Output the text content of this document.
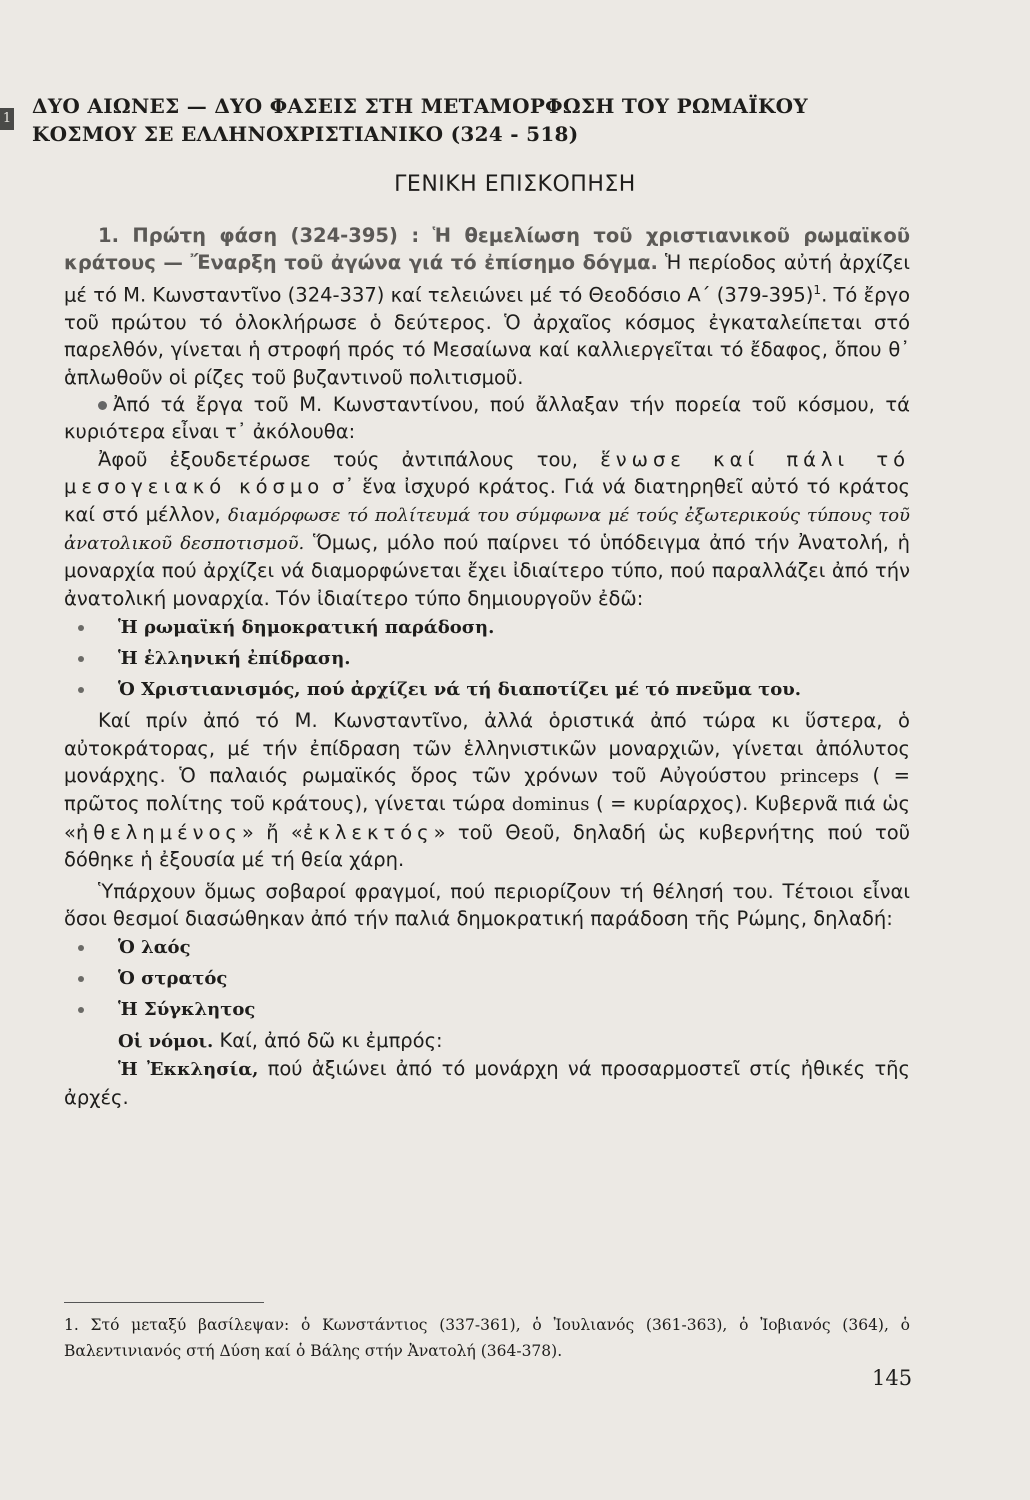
1
ΔΥΟ ΑΙΩΝΕΣ — ΔΥΟ ΦΑΣΕΙΣ ΣΤΗ ΜΕΤΑΜΟΡΦΩΣΗ ΤΟΥ ΡΩΜΑΪΚΟΥ ΚΟΣΜΟΥ ΣΕ ΕΛΛΗΝΟΧΡΙΣΤΙΑΝΙΚΟ (324 - 518)
ΓΕΝΙΚΗ ΕΠΙΣΚΟΠΗΣΗ

1. Πρώτη φάση (324-395) : Ἡ θεμελίωση τοῦ χριστιανικοῦ ρωμαϊκοῦ κράτους — Ἔναρξη τοῦ ἀγώνα γιά τό ἐπίσημο δόγμα. Ἡ περίοδος αὐτή ἀρχίζει μέ τό Μ. Κωνσταντῖνο (324-337) καί τελειώνει μέ τό Θεοδόσιο Α΄ $(379-395)^1$. Τό ἔργο τοῦ πρώτου τό ὁλοκλήρωσε ὁ δεύτερος. Ὁ ἀρχαῖος κόσμος ἐγκαταλείπεται στό παρελθόν, γίνεται ἡ στροφή πρός τό Μεσαίωνα καί καλλιεργεῖται τό ἔδαφος, ὅπου θ᾿ ἁπλωθοῦν οἱ ρίζες τοῦ βυζαντινοῦ πολιτισμοῦ.

Ἀπό τά ἔργα τοῦ Μ. Κωνσταντίνου, πού ἄλλαξαν τήν πορεία τοῦ κόσμου, τά κυριότερα εἶναι τ᾿ ἀκόλουθα:

Ἀφοῦ ἐξουδετέρωσε τούς ἀντιπάλους του, ἕνωσε καί πάλι τό μεσογειακό κόσμο σ᾿ ἕνα ἰσχυρό κράτος. Γιά νά διατηρηθεῖ αὐτό τό κράτος καί στό μέλλον, διαμόρφωσε τό πολίτευμά του σύμφωνα μέ τούς ἐξωτερικούς τύπους τοῦ ἀνατολικοῦ δεσποτισμοῦ. Ὅμως, μόλο πού παίρνει τό ὑπόδειγμα ἀπό τήν Ἀνατολή, ἡ μοναρχία πού ἀρχίζει νά διαμορφώνεται ἔχει ἰδιαίτερο τύπο, πού παραλλάζει ἀπό τήν ἀνατολική μοναρχία. Τόν ἰδιαίτερο τύπο δημιουργοῦν ἐδῶ:

Ἡ ρωμαϊκή δημοκρατική παράδοση.
Ἡ ἑλληνική ἐπίδραση.
Ὁ Χριστιανισμός, πού ἀρχίζει νά τή διαποτίζει μέ τό πνεῦμα του.

Καί πρίν ἀπό τό Μ. Κωνσταντῖνο, ἀλλά ὁριστικά ἀπό τώρα κι ὕστερα, ὁ αὐτοκράτορας, μέ τήν ἐπίδραση τῶν ἑλληνιστικῶν μοναρχιῶν, γίνεται ἀπόλυτος μονάρχης. Ὁ παλαιός ρωμαϊκός ὅρος τῶν χρόνων τοῦ Αὐγούστου princeps ( = πρῶτος πολίτης τοῦ κράτους), γίνεται τώρα dominus ( = κυρίαρχος). Κυβερνᾶ πιά ὡς «ἠθελημένος» ἤ «ἐκλεκτός» τοῦ Θεοῦ, δηλαδή ὡς κυβερνήτης πού τοῦ δόθηκε ἡ ἐξουσία μέ τή θεία χάρη.

Ὑπάρχουν ὅμως σοβαροί φραγμοί, πού περιορίζουν τή θέλησή του. Τέτοιοι εἶναι ὅσοι θεσμοί διασώθηκαν ἀπό τήν παλιά δημοκρατική παράδοση τῆς Ρώμης, δηλαδή:

Ὁ λαός
Ὁ στρατός
Ἡ Σύγκλητος
Οἱ νόμοι. Καί, ἀπό δῶ κι ἐμπρός:

Ἡ Ἐκκλησία, πού ἀξιώνει ἀπό τό μονάρχη νά προσαρμοστεῖ στίς ἠθικές τῆς ἀρχές.

1. Στό μεταξύ βασίλεψαν: ὁ Κωνστάντιος (337-361), ὁ Ἰουλιανός (361-363), ὁ Ἰοβιανός (364), ὁ Βαλεντινιανός στή Δύση καί ὁ Βάλης στήν Ἀνατολή (364-378).
145
